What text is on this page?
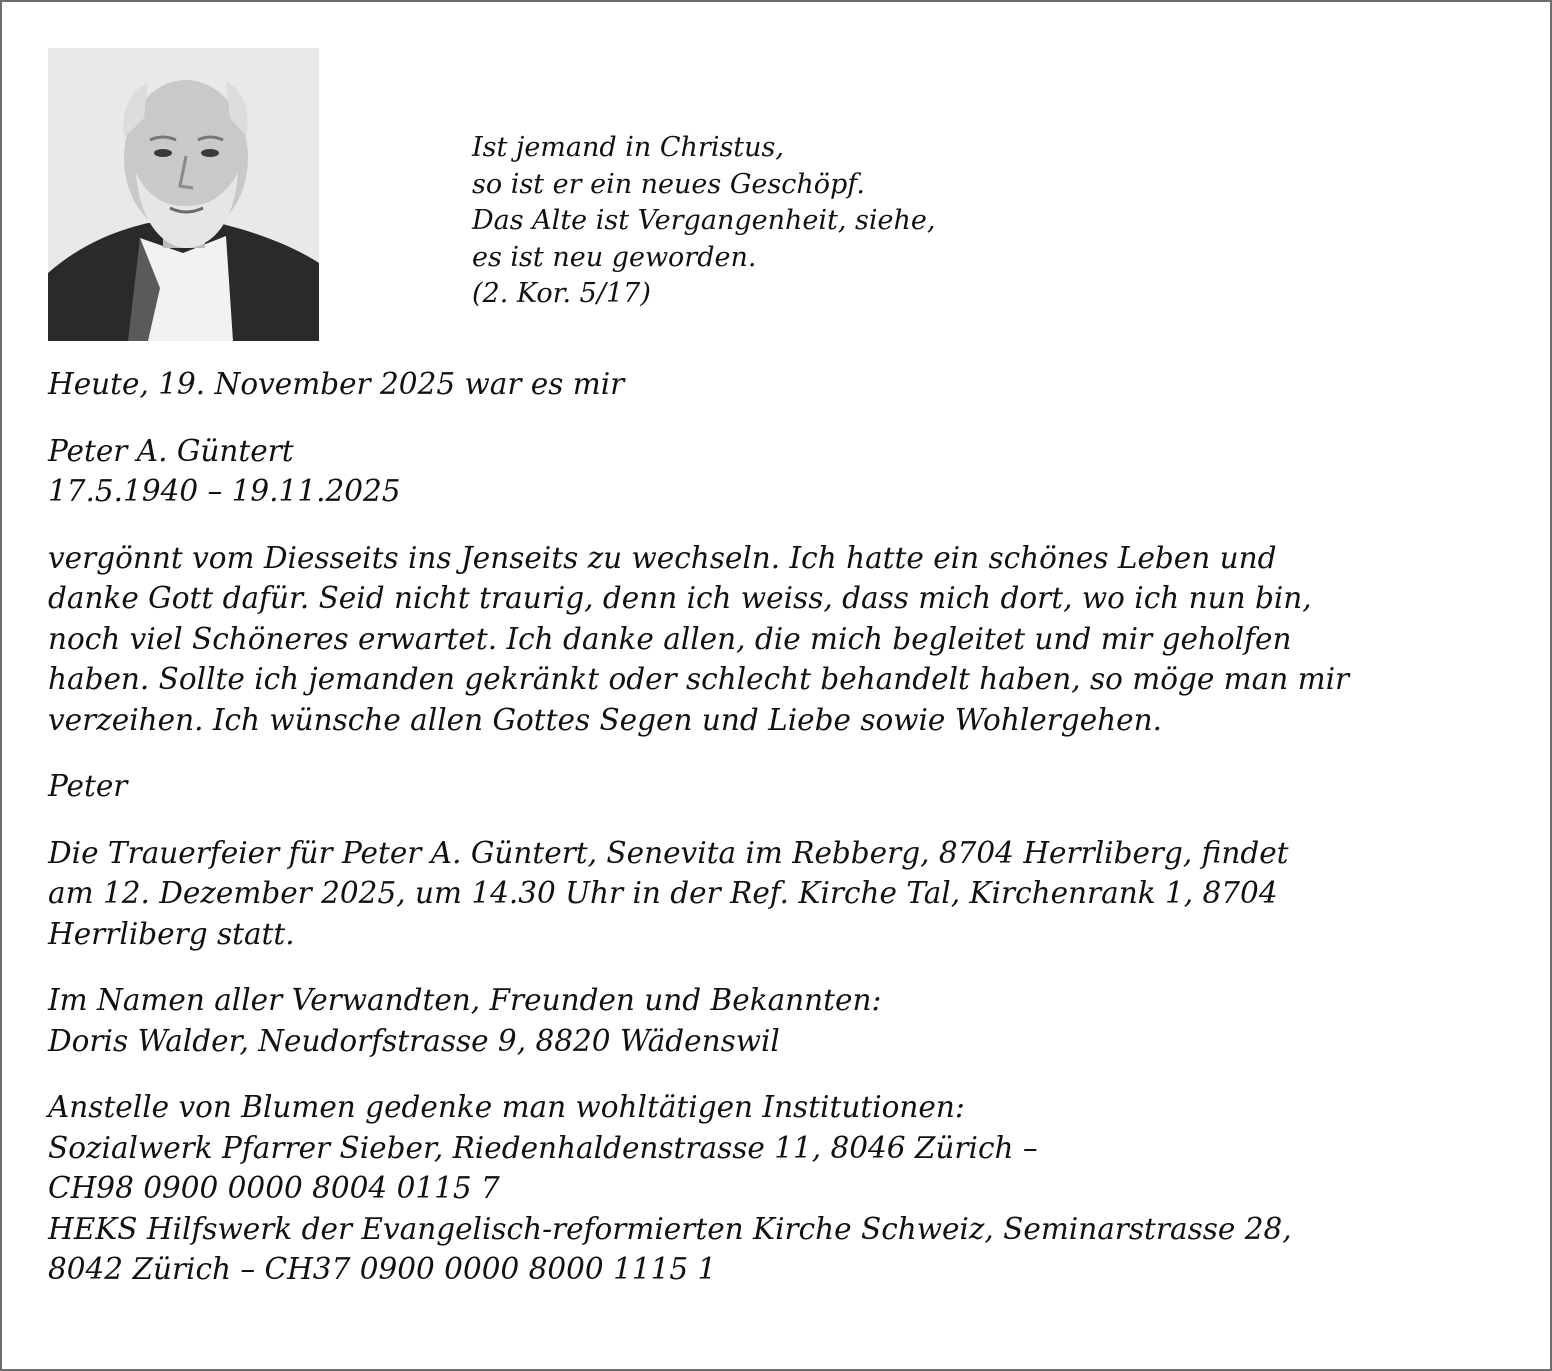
Ist jemand in Christus,
so ist er ein neues Geschöpf.
Das Alte ist Vergangenheit, siehe,
es ist neu geworden.
(2. Kor. 5/17)

Heute, 19. November 2025 war es mir

Peter A. Güntert
17.5.1940 – 19.11.2025

vergönnt vom Diesseits ins Jenseits zu wechseln. Ich hatte ein schönes Leben und
danke Gott dafür. Seid nicht traurig, denn ich weiss, dass mich dort, wo ich nun bin,
noch viel Schöneres erwartet. Ich danke allen, die mich begleitet und mir geholfen
haben. Sollte ich jemanden gekränkt oder schlecht behandelt haben, so möge man mir
verzeihen. Ich wünsche allen Gottes Segen und Liebe sowie Wohlergehen.

Peter

Die Trauerfeier für Peter A. Güntert, Senevita im Rebberg, 8704 Herrliberg, findet
am 12. Dezember 2025, um 14.30 Uhr in der Ref. Kirche Tal, Kirchenrank 1, 8704
Herrliberg statt.

Im Namen aller Verwandten, Freunden und Bekannten:
Doris Walder, Neudorfstrasse 9, 8820 Wädenswil

Anstelle von Blumen gedenke man wohltätigen Institutionen:
Sozialwerk Pfarrer Sieber, Riedenhaldenstrasse 11, 8046 Zürich –
CH98 0900 0000 8004 0115 7
HEKS Hilfswerk der Evangelisch-reformierten Kirche Schweiz, Seminarstrasse 28,
8042 Zürich – CH37 0900 0000 8000 1115 1
